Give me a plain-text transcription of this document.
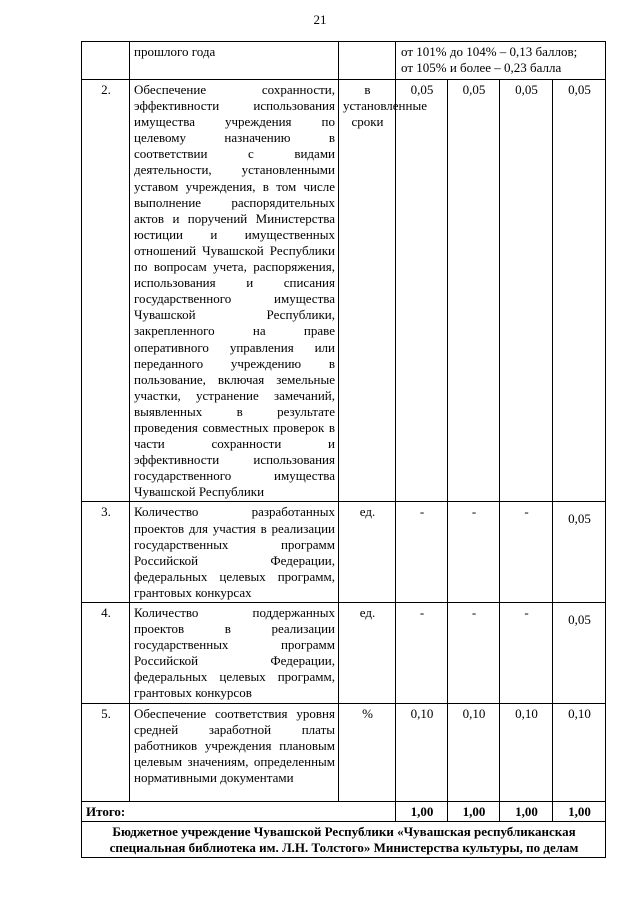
21
	прошлого года		от 101% до 104% – 0,13 баллов;
от 105% и более – 0,23 балла			

2.	Обеспечение сохранности, эффективности использования имущества учреждения по целевому назначению в соответствии с видами деятельности, установленными уставом учреждения, в том числе выполнение распорядительных актов и поручений Министерства юстиции и имущественных отношений Чувашской Республики по вопросам учета, распоряжения, использования и списания государственного имущества Чувашской Республики, закрепленного на праве оперативного управления или переданного учреждению в пользование, включая земельные участки, устранение замечаний, выявленных в результате проведения совместных проверок в части сохранности и эффективности использования государственного имущества Чувашской Республики	в установленные сроки	0,05	0,05	0,05	0,05
3.	Количество разработанных проектов для участия в реализации государственных программ Российской Федерации, федеральных целевых программ, грантовых конкурсах	ед.	-	-	-	0,05
4.	Количество поддержанных проектов в реализации государственных программ Российской Федерации, федеральных целевых программ, грантовых конкурсов	ед.	-	-	-	0,05
5.	Обеспечение соответствия уровня средней заработной платы работников учреждения плановым целевым значениям, определенным нормативными документами	%	0,10	0,10	0,10	0,10
Итого:			1,00	1,00	1,00	1,00
Бюджетное учреждение Чувашской Республики «Чувашская республиканская специальная библиотека им. Л.Н. Толстого» Министерства культуры, по делам						
